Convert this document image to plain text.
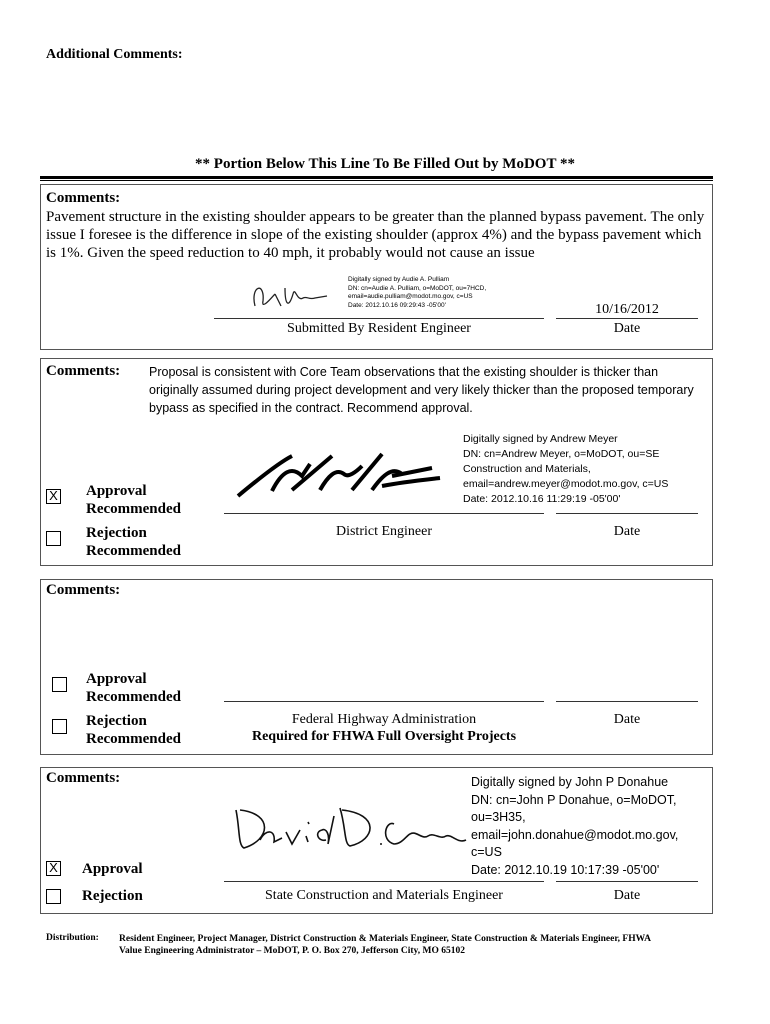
Additional Comments:
** Portion Below This Line To Be Filled Out by MoDOT **
Comments:
Pavement structure in the existing shoulder appears to be greater than the planned bypass pavement. The only issue I foresee is the difference in slope of the existing shoulder (approx 4%) and the bypass pavement which is 1%. Given the speed reduction to 40 mph, it probably would not cause an issue
Digitally signed by Audie A. Pulliam
DN: cn=Audie A. Pulliam, o=MoDOT, ou=7HCD,
email=audie.pulliam@modot.mo.gov, c=US
Date: 2012.10.16 09:29:43 -05'00'	10/16/2012
Submitted By Resident Engineer	Date
Comments: Proposal is consistent with Core Team observations that the existing shoulder is thicker than originally assumed during project development and very likely thicker than the proposed temporary bypass as specified in the contract. Recommend approval.
Digitally signed by Andrew Meyer
DN: cn=Andrew Meyer, o=MoDOT, ou=SE
Construction and Materials,
email=andrew.meyer@modot.mo.gov, c=US
Date: 2012.10.16 11:29:19 -05'00'
X Approval
Recommended
Rejection
Recommended
District Engineer	Date
Comments:
Approval
Recommended
Rejection
Recommended
Federal Highway Administration
Required for FHWA Full Oversight Projects
Date
Comments:	Digitally signed by John P Donahue
DN: cn=John P Donahue, o=MoDOT,
ou=3H35,
email=john.donahue@modot.mo.gov,
c=US
Date: 2012.10.19 10:17:39 -05'00'
X Approval
Rejection	State Construction and Materials Engineer	Date
Distribution: Resident Engineer, Project Manager, District Construction & Materials Engineer, State Construction & Materials Engineer, FHWA
Value Engineering Administrator – MoDOT, P. O. Box 270, Jefferson City, MO 65102
